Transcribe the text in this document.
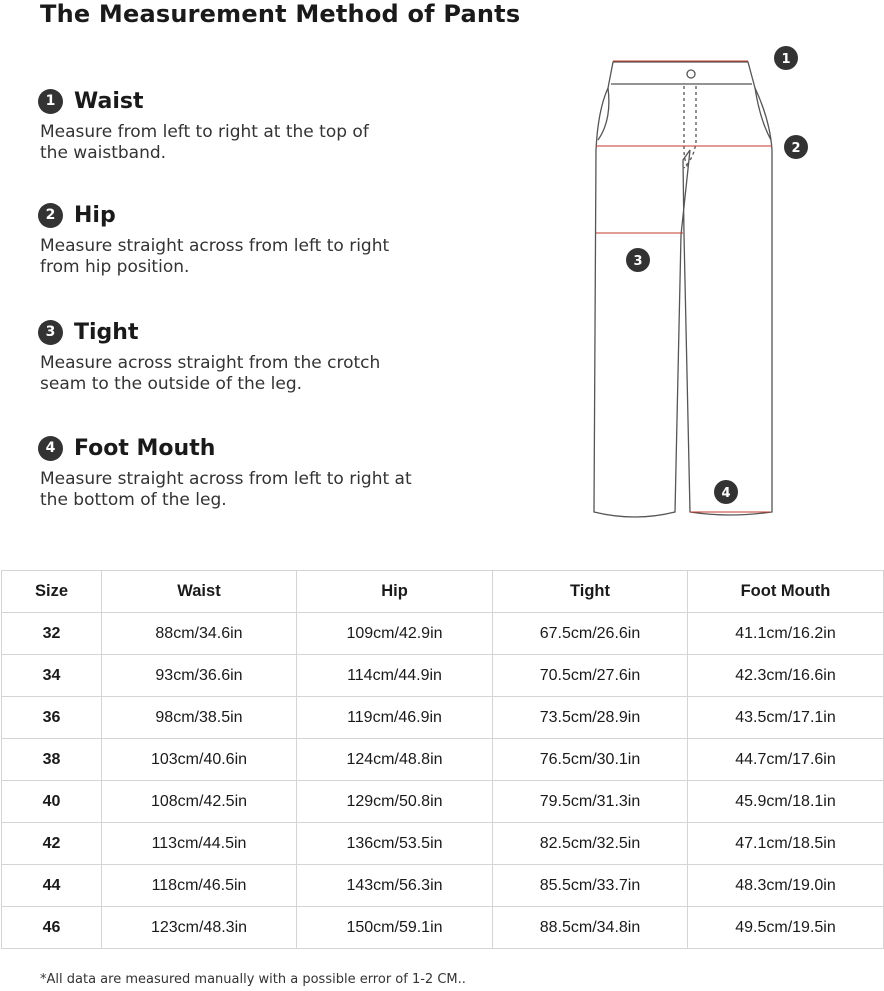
The Measurement Method of Pants
1 Waist
Measure from left to right at the top of the waistband.
2 Hip
Measure straight across from left to right from hip position.
3 Tight
Measure across straight from the crotch seam to the outside of the leg.
4 Foot Mouth
Measure straight across from left to right at the bottom of the leg.
1
2
3
4
Size	Waist	Hip	Tight	Foot Mouth
32	88cm/34.6in	109cm/42.9in	67.5cm/26.6in	41.1cm/16.2in
34	93cm/36.6in	114cm/44.9in	70.5cm/27.6in	42.3cm/16.6in
36	98cm/38.5in	119cm/46.9in	73.5cm/28.9in	43.5cm/17.1in
38	103cm/40.6in	124cm/48.8in	76.5cm/30.1in	44.7cm/17.6in
40	108cm/42.5in	129cm/50.8in	79.5cm/31.3in	45.9cm/18.1in
42	113cm/44.5in	136cm/53.5in	82.5cm/32.5in	47.1cm/18.5in
44	118cm/46.5in	143cm/56.3in	85.5cm/33.7in	48.3cm/19.0in
46	123cm/48.3in	150cm/59.1in	88.5cm/34.8in	49.5cm/19.5in
*All data are measured manually with a possible error of 1-2 CM..
